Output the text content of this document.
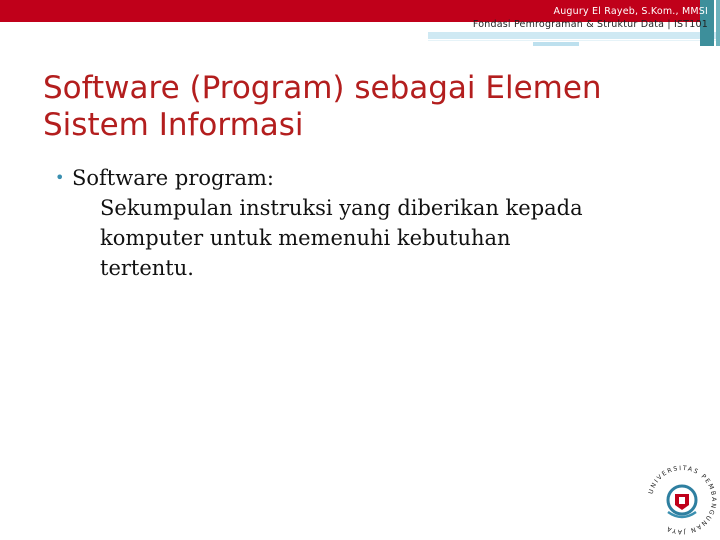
Augury El Rayeb, S.Kom., MMSI
Fondasi Pemrograman & Struktur Data | IST101
Software (Program) sebagai Elemen Sistem Informasi
• Software program:
Sekumpulan instruksi yang diberikan kepada
komputer untuk memenuhi kebutuhan
tertentu.
UNIVERSITAS PEMBANGUNAN JAYA
